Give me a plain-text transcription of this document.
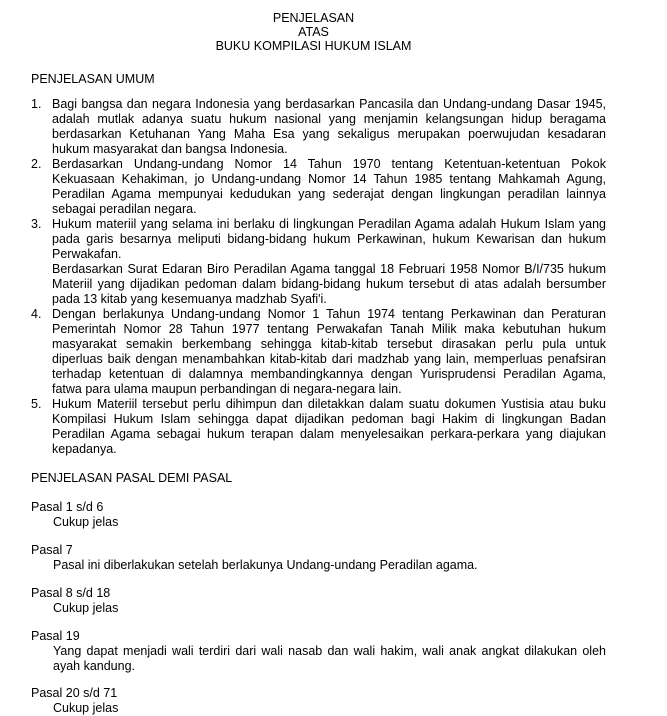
PENJELASAN
ATAS
BUKU KOMPILASI HUKUM ISLAM
PENJELASAN UMUM
1. Bagi bangsa dan negara Indonesia yang berdasarkan Pancasila dan Undang-undang Dasar 1945, adalah mutlak adanya suatu hukum nasional yang menjamin kelangsungan hidup beragama berdasarkan Ketuhanan Yang Maha Esa yang sekaligus merupakan poerwujudan kesadaran hukum masyarakat dan bangsa Indonesia.
2. Berdasarkan Undang-undang Nomor 14 Tahun 1970 tentang Ketentuan-ketentuan Pokok Kekuasaan Kehakiman, jo Undang-undang Nomor 14 Tahun 1985 tentang Mahkamah Agung, Peradilan Agama mempunyai kedudukan yang sederajat dengan lingkungan peradilan lainnya sebagai peradilan negara.
3. Hukum materiil yang selama ini berlaku di lingkungan Peradilan Agama adalah Hukum Islam yang pada garis besarnya meliputi bidang-bidang hukum Perkawinan, hukum Kewarisan dan hukum Perwakafan.
Berdasarkan Surat Edaran Biro Peradilan Agama tanggal 18 Februari 1958 Nomor B/I/735 hukum Materiil yang dijadikan pedoman dalam bidang-bidang hukum tersebut di atas adalah bersumber pada 13 kitab yang kesemuanya madzhab Syafi'i.
4. Dengan berlakunya Undang-undang Nomor 1 Tahun 1974 tentang Perkawinan dan Peraturan Pemerintah Nomor 28 Tahun 1977 tentang Perwakafan Tanah Milik maka kebutuhan hukum masyarakat semakin berkembang sehingga kitab-kitab tersebut dirasakan perlu pula untuk diperluas baik dengan menambahkan kitab-kitab dari madzhab yang lain, memperluas penafsiran terhadap ketentuan di dalamnya membandingkannya dengan Yurisprudensi Peradilan Agama, fatwa para ulama maupun perbandingan di negara-negara lain.
5. Hukum Materiil tersebut perlu dihimpun dan diletakkan dalam suatu dokumen Yustisia atau buku Kompilasi Hukum Islam sehingga dapat dijadikan pedoman bagi Hakim di lingkungan Badan Peradilan Agama sebagai hukum terapan dalam menyelesaikan perkara-perkara yang diajukan kepadanya.
PENJELASAN PASAL DEMI PASAL
Pasal 1 s/d 6
Cukup jelas
Pasal 7
Pasal ini diberlakukan setelah berlakunya Undang-undang Peradilan agama.
Pasal 8 s/d 18
Cukup jelas
Pasal 19
Yang dapat menjadi wali terdiri dari wali nasab dan wali hakim, wali anak angkat dilakukan oleh ayah kandung.
Pasal 20 s/d 71
Cukup jelas
